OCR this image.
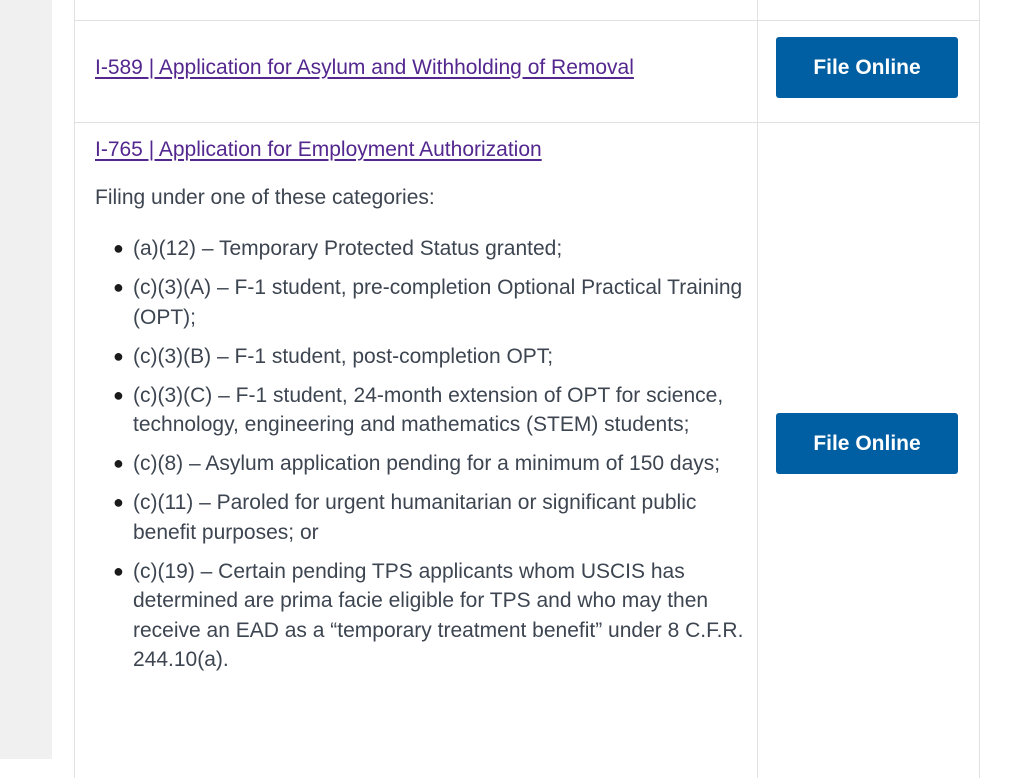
I-589 | Application for Asylum and Withholding of Removal	File Online
I-765 | Application for Employment Authorization
Filing under one of these categories:
● (a)(12) – Temporary Protected Status granted;
● (c)(3)(A) – F-1 student, pre-completion Optional Practical Training (OPT);
● (c)(3)(B) – F-1 student, post-completion OPT;
● (c)(3)(C) – F-1 student, 24-month extension of OPT for science, technology, engineering and mathematics (STEM) students;
● (c)(8) – Asylum application pending for a minimum of 150 days;
● (c)(11) – Paroled for urgent humanitarian or significant public benefit purposes; or
● (c)(19) – Certain pending TPS applicants whom USCIS has determined are prima facie eligible for TPS and who may then receive an EAD as a “temporary treatment benefit” under 8 C.F.R. 244.10(a).
File Online
